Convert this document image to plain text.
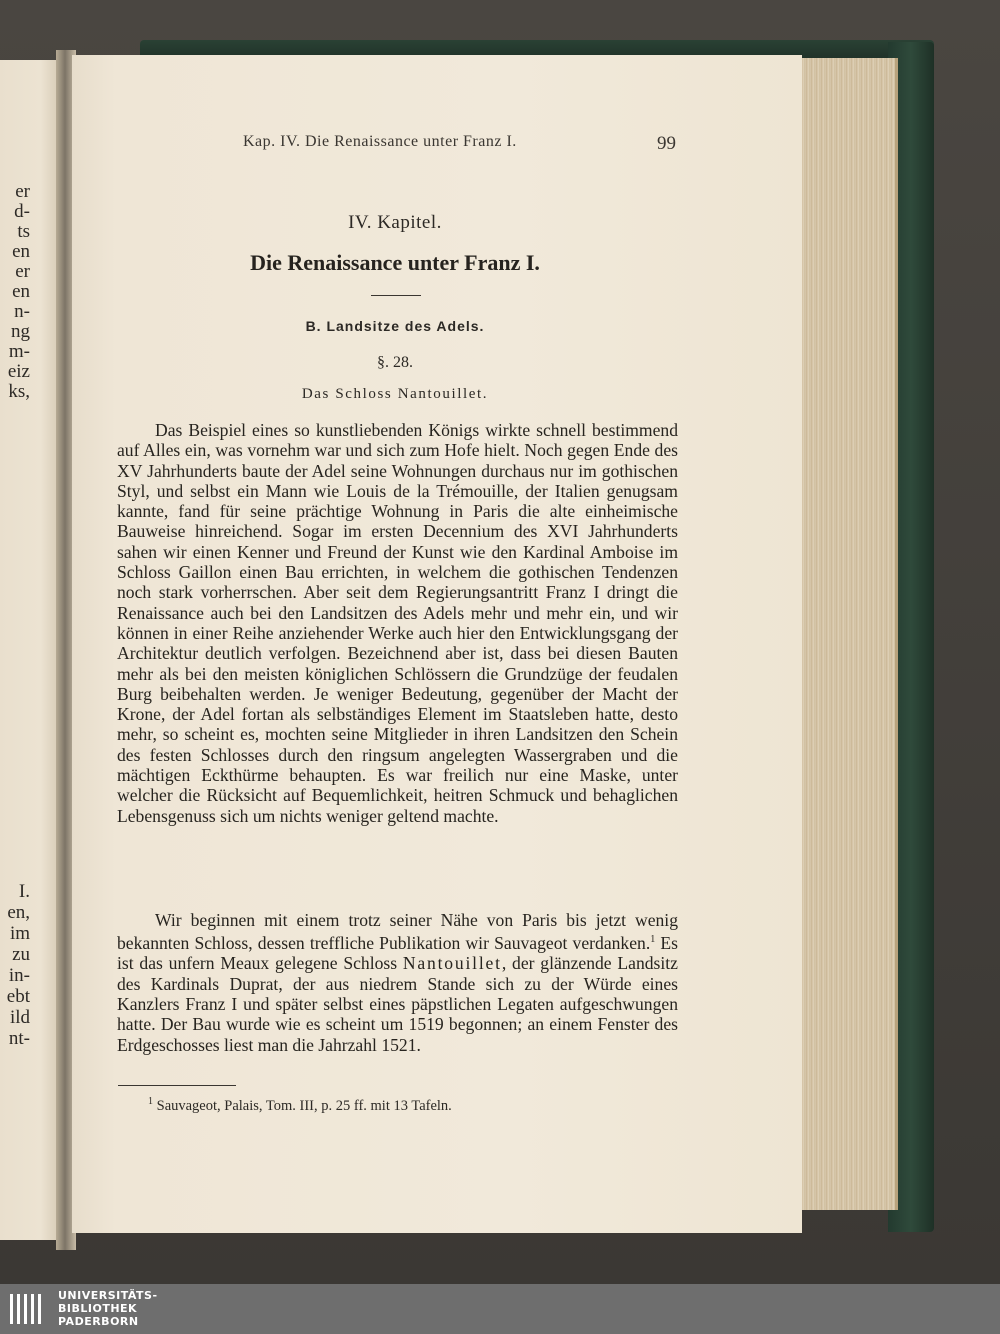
er
d-
ts
en
er
en
n-
ng
m-
eiz
ks,
I.
en,
im
zu
in-
ebt
ild
nt-
Kap. IV. Die Renaissance unter Franz I.	99
IV. Kapitel.
Die Renaissance unter Franz I.
B. Landsitze des Adels.
§. 28.
Das Schloss Nantouillet.

Das Beispiel eines so kunstliebenden Königs wirkte schnell bestimmend auf Alles ein, was vornehm war und sich zum Hofe hielt. Noch gegen Ende des XV Jahrhunderts baute der Adel seine Wohnungen durchaus nur im gothischen Styl, und selbst ein Mann wie Louis de la Trémouille, der Italien genugsam kannte, fand für seine prächtige Wohnung in Paris die alte einheimische Bauweise hinreichend. Sogar im ersten Decennium des XVI Jahrhunderts sahen wir einen Kenner und Freund der Kunst wie den Kardinal Amboise im Schloss Gaillon einen Bau errichten, in welchem die gothischen Tendenzen noch stark vorherrschen. Aber seit dem Regierungsantritt Franz I dringt die Renaissance auch bei den Landsitzen des Adels mehr und mehr ein, und wir können in einer Reihe anziehender Werke auch hier den Entwicklungsgang der Architektur deutlich verfolgen. Bezeichnend aber ist, dass bei diesen Bauten mehr als bei den meisten königlichen Schlössern die Grundzüge der feudalen Burg beibehalten werden. Je weniger Bedeutung, gegenüber der Macht der Krone, der Adel fortan als selbständiges Element im Staatsleben hatte, desto mehr, so scheint es, mochten seine Mitglieder in ihren Landsitzen den Schein des festen Schlosses durch den ringsum angelegten Wassergraben und die mächtigen Eckthürme behaupten. Es war freilich nur eine Maske, unter welcher die Rücksicht auf Bequemlichkeit, heitren Schmuck und behaglichen Lebensgenuss sich um nichts weniger geltend machte.

Wir beginnen mit einem trotz seiner Nähe von Paris bis jetzt wenig bekannten Schloss, dessen treffliche Publikation wir Sauvageot verdanken.$^1$ Es ist das unfern Meaux gelegene Schloss Nantouillet, der glänzende Landsitz des Kardinals Duprat, der aus niedrem Stande sich zu der Würde eines Kanzlers Franz I und später selbst eines päpstlichen Legaten aufgeschwungen hatte. Der Bau wurde wie es scheint um 1519 begonnen; an einem Fenster des Erdgeschosses liest man die Jahrzahl 1521.

$^1$ Sauvageot, Palais, Tom. III, p. 25 ff. mit 13 Tafeln.
UNIVERSITÄTS-
BIBLIOTHEK
PADERBORN
